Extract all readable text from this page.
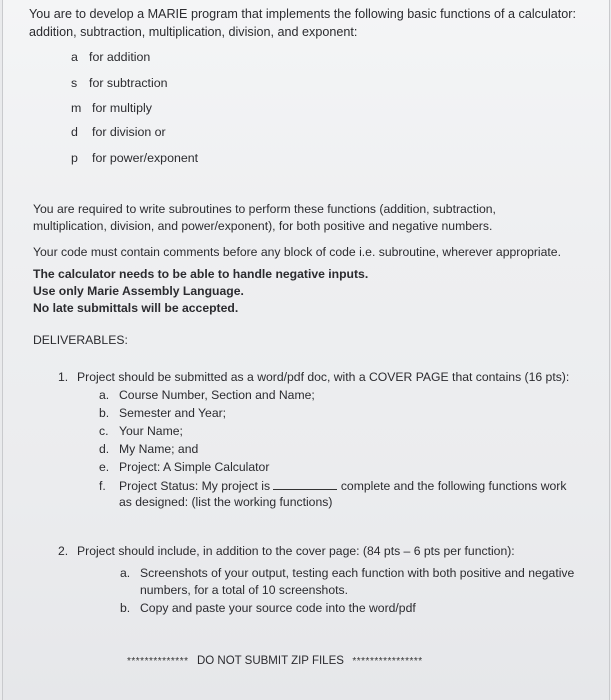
You are to develop a MARIE program that implements the following basic functions of a calculator:
addition, subtraction, multiplication, division, and exponent:
a for addition
s for subtraction
m for multiply
d for division or
p for power/exponent
You are required to write subroutines to perform these functions (addition, subtraction,
multiplication, division, and power/exponent), for both positive and negative numbers.
Your code must contain comments before any block of code i.e. subroutine, wherever appropriate.
The calculator needs to be able to handle negative inputs.
Use only Marie Assembly Language.
No late submittals will be accepted.
DELIVERABLES:
1. Project should be submitted as a word/pdf doc, with a COVER PAGE that contains (16 pts):
a. Course Number, Section and Name;
b. Semester and Year;
c. Your Name;
d. My Name; and
e. Project: A Simple Calculator
f. Project Status: My project is	complete and the following functions work
as designed: (list the working functions)
2. Project should include, in addition to the cover page: (84 pts – 6 pts per function):
a. Screenshots of your output, testing each function with both positive and negative
numbers, for a total of 10 screenshots.
b. Copy and paste your source code into the word/pdf
************** DO NOT SUBMIT ZIP FILES ****************
